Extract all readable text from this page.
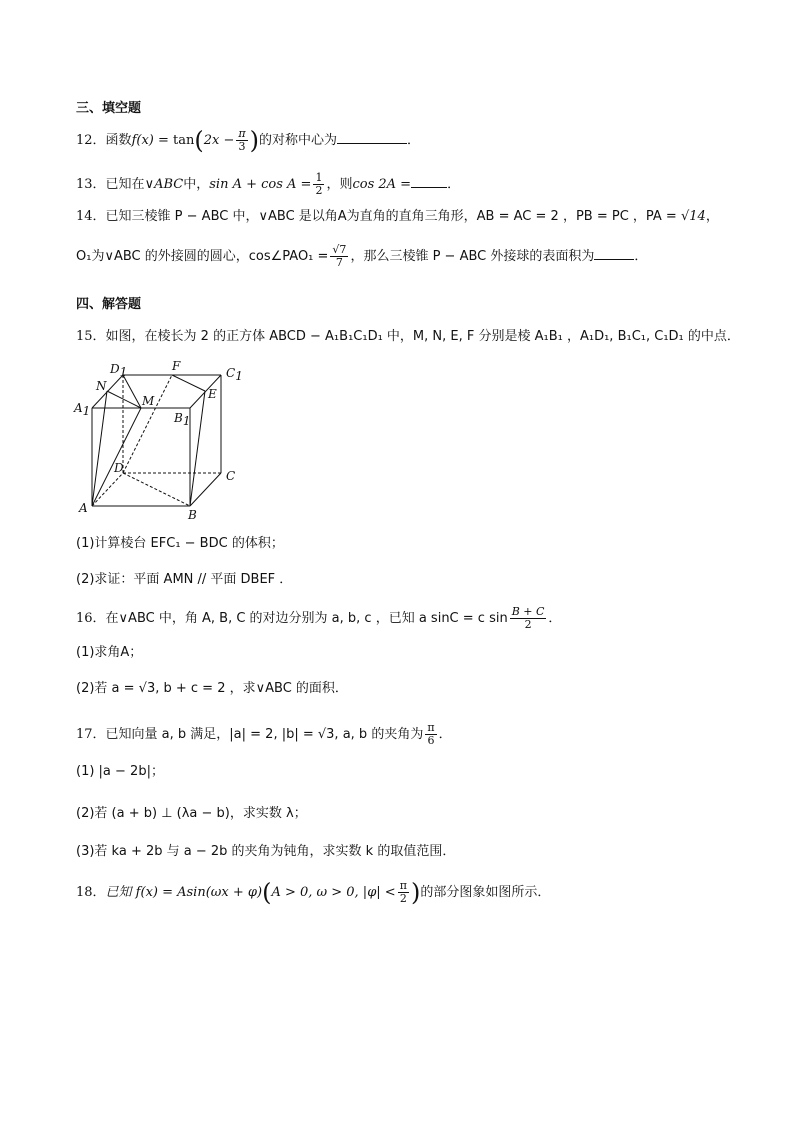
三、填空题
12．函数$f(x) = \tan(2x - \frac{\pi}{3}$ )的对称中心为	．
13．已知在∨ABC中，$\sin A + \cos A = \frac{1}{2}$ ，则cos 2A =	．
14．已知三棱锥 P − ABC 中，∨ABC 是以角A为直角的直角三角形，AB = AC = 2 ，PB = PC ，PA = √14，
O₁为∨ABC 的外接圆的圆心，cos∠PAO₁ = $\frac{√7}{7}$ ，那么三棱锥 P − ABC 外接球的表面积为	．
四、解答题
15．如图，在棱长为 2 的正方体 ABCD − A₁B₁C₁D₁ 中，M, N, E, F 分别是棱 A₁B₁ ，A₁D₁, B₁C₁, C₁D₁ 的中点．
D1	F	C1
N
M
A1	B1
E
D
C
A	B
(1)计算棱台 EFC₁ − BDC 的体积；
(2)求证：平面 AMN // 平面 DBEF ．
16．在∨ABC 中，角 A, B, C 的对边分别为 a, b, c ，已知 a sinC = c $\sin \frac{B + C}{2}$ ．
(1)求角A；
(2)若 a = √3, b + c = 2 ，求∨ABC 的面积．
17．已知向量 a, b 满足，|a| = 2, |b| = √3, a, b 的夹角为 $\frac{\pi}{6}$ ．
(1) |a − 2b|；
(2)若 (a + b) ⊥ (λa − b)，求实数 λ；
(3)若 ka + 2b 与 a − 2b 的夹角为钝角，求实数 k 的取值范围．
18．已知 f(x) = Asin(ωx + φ)(A > 0, ω > 0, $|\varphi| < \frac{\pi}{2}$ )的部分图象如图所示．
